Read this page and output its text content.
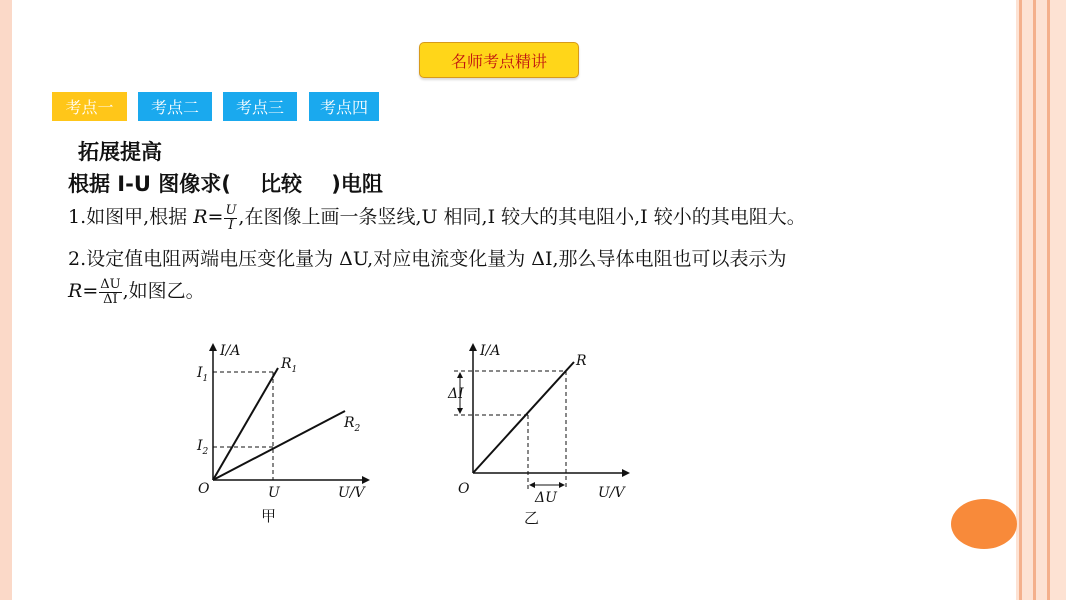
名师考点精讲
考点一	考点二	考点三	考点四
拓展提高
根据 I-U 图像求(    比较    )电阻
1.如图甲,根据 $R= \frac{U}{I}$ ,在图像上画一条竖线,U 相同,I 较大的其电阻小,I 较小的其电阻大。
2.设定值电阻两端电压变化量为 ΔU,对应电流变化量为 ΔI,那么导体电阻也可以表示为
$R= \frac{\Delta U}{\Delta I}$ ,如图乙。
I/A
U/V
O
$I_1$
$I_2$
U
$R_1$
$R_2$
甲
I/A
U/V
O
R
ΔI
ΔU
乙
